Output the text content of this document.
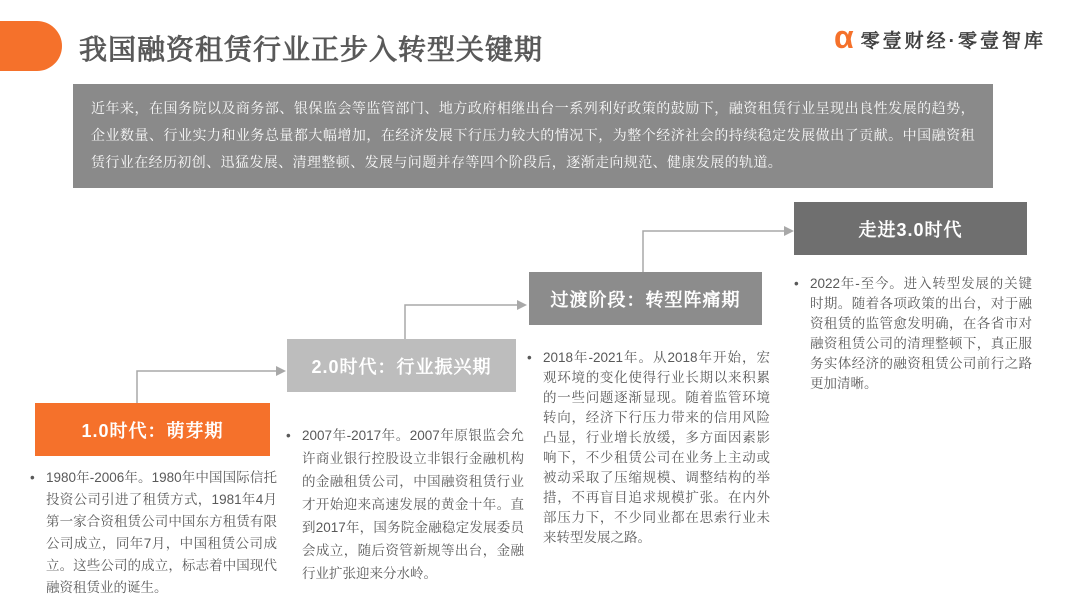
我国融资租赁行业正步入转型关键期	α 零壹财经·零壹智库
近年来，在国务院以及商务部、银保监会等监管部门、地方政府相继出台一系列利好政策的鼓励下，融资租赁行业呈现出良性发展的趋势，企业数量、行业实力和业务总量都大幅增加，在经济发展下行压力较大的情况下，为整个经济社会的持续稳定发展做出了贡献。中国融资租赁行业在经历初创、迅猛发展、清理整顿、发展与问题并存等四个阶段后，逐渐走向规范、健康发展的轨道。
1.0时代：萌芽期
2.0时代：行业振兴期
过渡阶段：转型阵痛期
走进3.0时代
• 1980年-2006年。1980年中国国际信托投资公司引进了租赁方式，1981年4月第一家合资租赁公司中国东方租赁有限公司成立，同年7月，中国租赁公司成立。这些公司的成立，标志着中国现代融资租赁业的诞生。
• 2007年-2017年。2007年原银监会允许商业银行控股设立非银行金融机构的金融租赁公司，中国融资租赁行业才开始迎来高速发展的黄金十年。直到2017年，国务院金融稳定发展委员会成立，随后资管新规等出台，金融行业扩张迎来分水岭。
• 2018年-2021年。从2018年开始，宏观环境的变化使得行业长期以来积累的一些问题逐渐显现。随着监管环境转向，经济下行压力带来的信用风险凸显，行业增长放缓，多方面因素影响下，不少租赁公司在业务上主动或被动采取了压缩规模、调整结构的举措，不再盲目追求规模扩张。在内外部压力下，不少同业都在思索行业未来转型发展之路。
• 2022年-至今。进入转型发展的关键时期。随着各项政策的出台，对于融资租赁的监管愈发明确，在各省市对融资租赁公司的清理整顿下，真正服务实体经济的融资租赁公司前行之路更加清晰。
